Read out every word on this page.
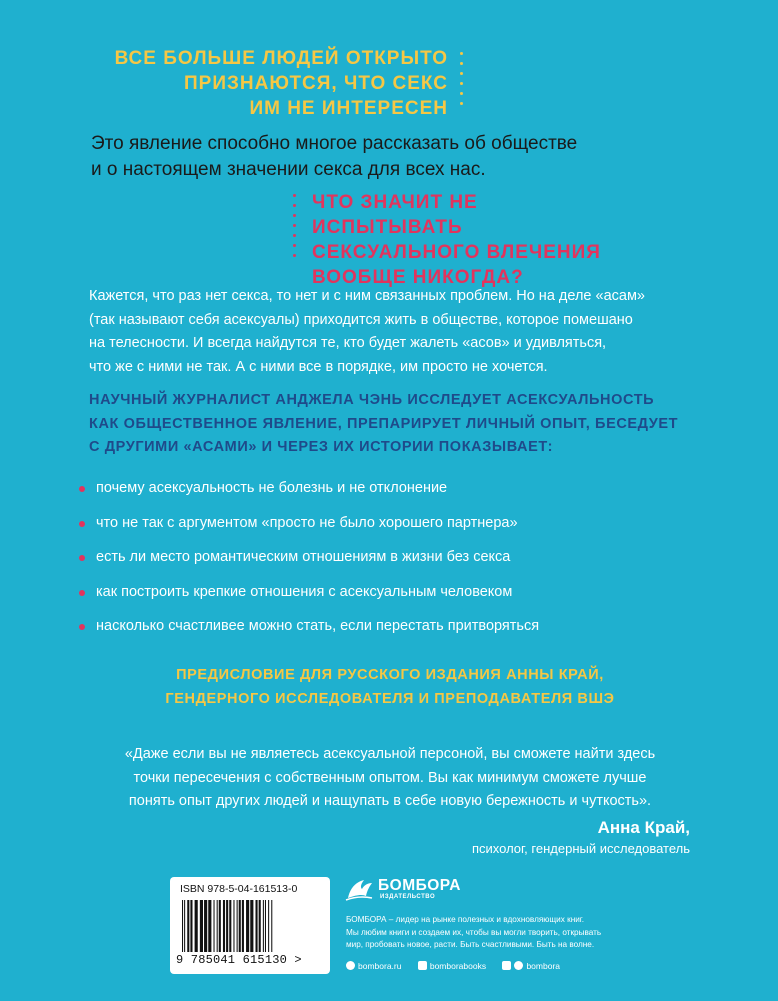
ВСЕ БОЛЬШЕ ЛЮДЕЙ ОТКРЫТО
ПРИЗНАЮТСЯ, ЧТО СЕКС
ИМ НЕ ИНТЕРЕСЕН
Это явление способно многое рассказать об обществе
и о настоящем значении секса для всех нас.
ЧТО ЗНАЧИТ НЕ ИСПЫТЫВАТЬ
СЕКСУАЛЬНОГО ВЛЕЧЕНИЯ
ВООБЩЕ НИКОГДА?
Кажется, что раз нет секса, то нет и с ним связанных проблем. Но на деле «асам»
(так называют себя асексуалы) приходится жить в обществе, которое помешано
на телесности. И всегда найдутся те, кто будет жалеть «асов» и удивляться,
что же с ними не так. А с ними все в порядке, им просто не хочется.
НАУЧНЫЙ ЖУРНАЛИСТ АНДЖЕЛА ЧЭНЬ ИССЛЕДУЕТ АСЕКСУАЛЬНОСТЬ
КАК ОБЩЕСТВЕННОЕ ЯВЛЕНИЕ, ПРЕПАРИРУЕТ ЛИЧНЫЙ ОПЫТ, БЕСЕДУЕТ
С ДРУГИМИ «АСАМИ» И ЧЕРЕЗ ИХ ИСТОРИИ ПОКАЗЫВАЕТ:
почему асексуальность не болезнь и не отклонение
что не так с аргументом «просто не было хорошего партнера»
есть ли место романтическим отношениям в жизни без секса
как построить крепкие отношения с асексуальным человеком
насколько счастливее можно стать, если перестать притворяться
ПРЕДИСЛОВИЕ ДЛЯ РУССКОГО ИЗДАНИЯ АННЫ КРАЙ,
ГЕНДЕРНОГО ИССЛЕДОВАТЕЛЯ И ПРЕПОДАВАТЕЛЯ ВШЭ
«Даже если вы не являетесь асексуальной персоной, вы сможете найти здесь
точки пересечения с собственным опытом. Вы как минимум сможете лучше
понять опыт других людей и нащупать в себе новую бережность и чуткость».
Анна Край,
психолог, гендерный исследователь
ISBN 978-5-04-161513-0
9 785041 615130 >
БОМБОРА
ИЗДАТЕЛЬСТВО
БОМБОРА – лидер на рынке полезных и вдохновляющих книг.
Мы любим книги и создаем их, чтобы вы могли творить, открывать
мир, пробовать новое, расти. Быть счастливыми. Быть на волне.
bombora.ru	bomborabooks	bombora
